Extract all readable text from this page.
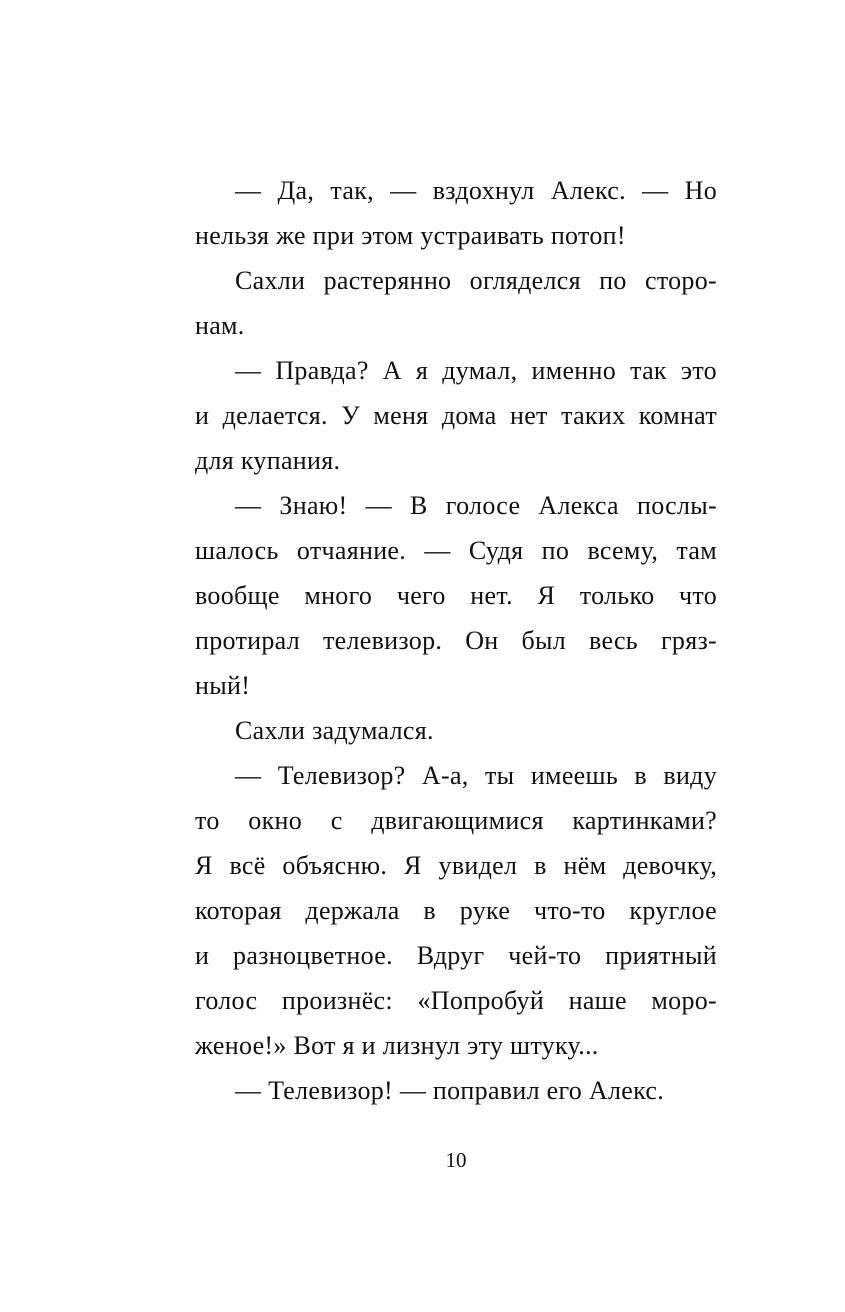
— Да, так, — вздохнул Алекс. — Но
нельзя же при этом устраивать потоп!
Сахли растерянно огляделся по сторо-
нам.
— Правда? А я думал, именно так это
и делается. У меня дома нет таких комнат
для купания.
— Знаю! — В голосе Алекса послы-
шалось отчаяние. — Судя по всему, там
вообще много чего нет. Я только что
протирал телевизор. Он был весь гряз-
ный!
Сахли задумался.
— Телевизор? А-а, ты имеешь в виду
то окно с двигающимися картинками?
Я всё объясню. Я увидел в нём девочку,
которая держала в руке что-то круглое
и разноцветное. Вдруг чей-то приятный
голос произнёс: «Попробуй наше моро-
женое!» Вот я и лизнул эту штуку...
— Телевизор! — поправил его Алекс.
10
